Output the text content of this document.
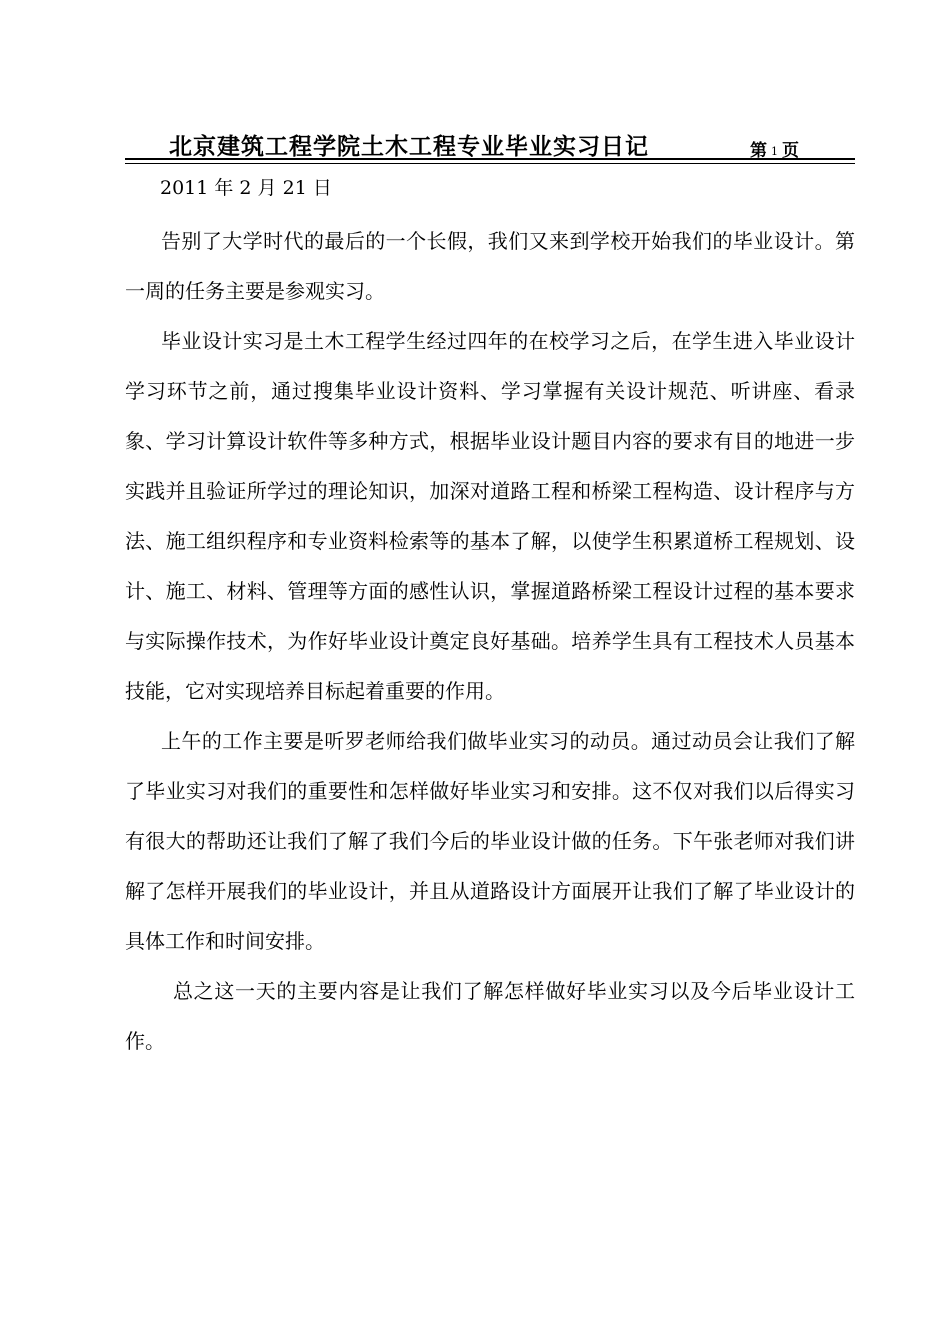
北京建筑工程学院土木工程专业毕业实习日记	第 1 页
2011 年 2 月 21 日

告别了大学时代的最后的一个长假，我们又来到学校开始我们的毕业设计。第一周的任务主要是参观实习。

毕业设计实习是土木工程学生经过四年的在校学习之后，在学生进入毕业设计学习环节之前，通过搜集毕业设计资料、学习掌握有关设计规范、听讲座、看录象、学习计算设计软件等多种方式，根据毕业设计题目内容的要求有目的地进一步实践并且验证所学过的理论知识，加深对道路工程和桥梁工程构造、设计程序与方法、施工组织程序和专业资料检索等的基本了解，以使学生积累道桥工程规划、设计、施工、材料、管理等方面的感性认识，掌握道路桥梁工程设计过程的基本要求与实际操作技术，为作好毕业设计奠定良好基础。培养学生具有工程技术人员基本技能，它对实现培养目标起着重要的作用。

上午的工作主要是听罗老师给我们做毕业实习的动员。通过动员会让我们了解了毕业实习对我们的重要性和怎样做好毕业实习和安排。这不仅对我们以后得实习有很大的帮助还让我们了解了我们今后的毕业设计做的任务。下午张老师对我们讲解了怎样开展我们的毕业设计，并且从道路设计方面展开让我们了解了毕业设计的具体工作和时间安排。

总之这一天的主要内容是让我们了解怎样做好毕业实习以及今后毕业设计工作。
